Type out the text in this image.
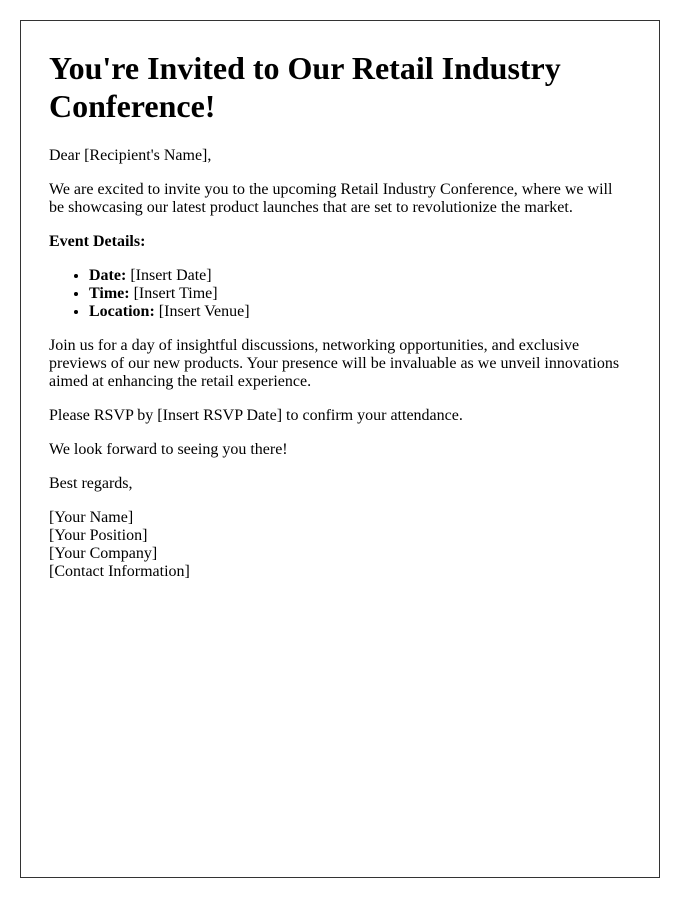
You're Invited to Our Retail Industry Conference!

Dear [Recipient's Name],

We are excited to invite you to the upcoming Retail Industry Conference, where we will be showcasing our latest product launches that are set to revolutionize the market.

Event Details:

• Date: [Insert Date]
• Time: [Insert Time]
• Location: [Insert Venue]

Join us for a day of insightful discussions, networking opportunities, and exclusive previews of our new products. Your presence will be invaluable as we unveil innovations aimed at enhancing the retail experience.

Please RSVP by [Insert RSVP Date] to confirm your attendance.

We look forward to seeing you there!

Best regards,

[Your Name]
[Your Position]
[Your Company]
[Contact Information]
